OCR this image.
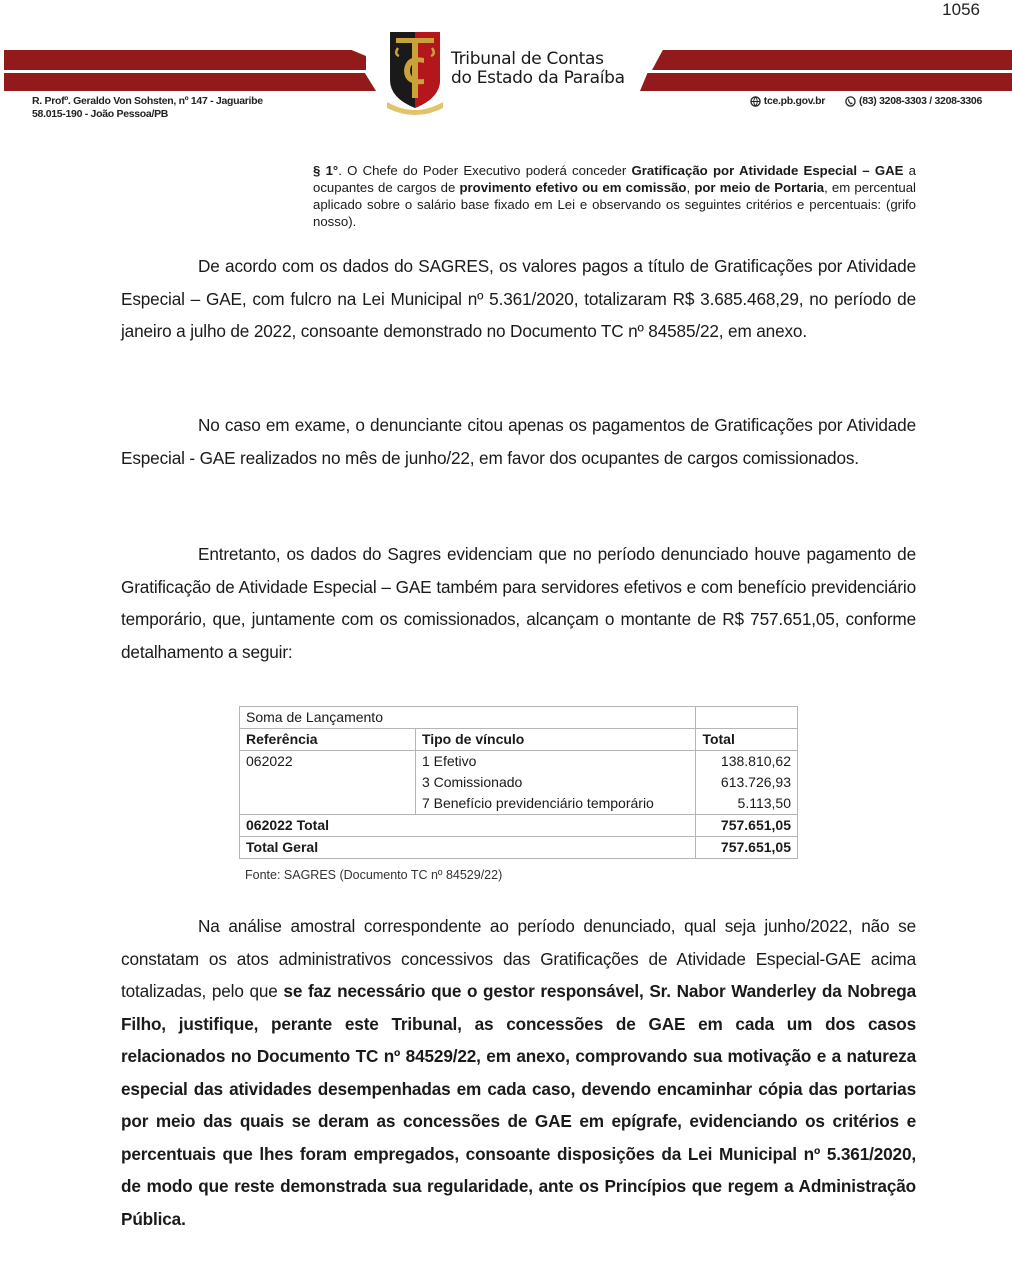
1056
Tribunal de Contas
do Estado da Paraíba
R. Profº. Geraldo Von Sohsten, nº 147 - Jaguaribe
58.015-190 - João Pessoa/PB
tce.pb.gov.br	(83) 3208-3303 / 3208-3306
§ 1°. O Chefe do Poder Executivo poderá conceder Gratificação por Atividade Especial – GAE a ocupantes de cargos de provimento efetivo ou em comissão, por meio de Portaria, em percentual aplicado sobre o salário base fixado em Lei e observando os seguintes critérios e percentuais: (grifo nosso).
De acordo com os dados do SAGRES, os valores pagos a título de Gratificações por Atividade Especial – GAE, com fulcro na Lei Municipal nº 5.361/2020, totalizaram R$ 3.685.468,29, no período de janeiro a julho de 2022, consoante demonstrado no Documento TC nº 84585/22, em anexo.
No caso em exame, o denunciante citou apenas os pagamentos de Gratificações por Atividade Especial - GAE realizados no mês de junho/22, em favor dos ocupantes de cargos comissionados.
Entretanto, os dados do Sagres evidenciam que no período denunciado houve pagamento de Gratificação de Atividade Especial – GAE também para servidores efetivos e com benefício previdenciário temporário, que, juntamente com os comissionados, alcançam o montante de R$ 757.651,05, conforme detalhamento a seguir:
Soma de Lançamento		
Referência	Tipo de vínculo	Total
062022	1 Efetivo	138.810,62
	3 Comissionado	613.726,93
	7 Benefício previdenciário temporário	5.113,50
062022 Total		757.651,05
Total Geral		757.651,05
Fonte: SAGRES (Documento TC nº 84529/22)
Na análise amostral correspondente ao período denunciado, qual seja junho/2022, não se constatam os atos administrativos concessivos das Gratificações de Atividade Especial-GAE acima totalizadas, pelo que se faz necessário que o gestor responsável, Sr. Nabor Wanderley da Nobrega Filho, justifique, perante este Tribunal, as concessões de GAE em cada um dos casos relacionados no Documento TC nº 84529/22, em anexo, comprovando sua motivação e a natureza especial das atividades desempenhadas em cada caso, devendo encaminhar cópia das portarias por meio das quais se deram as concessões de GAE em epígrafe, evidenciando os critérios e percentuais que lhes foram empregados, consoante disposições da Lei Municipal nº 5.361/2020, de modo que reste demonstrada sua regularidade, ante os Princípios que regem a Administração Pública.
